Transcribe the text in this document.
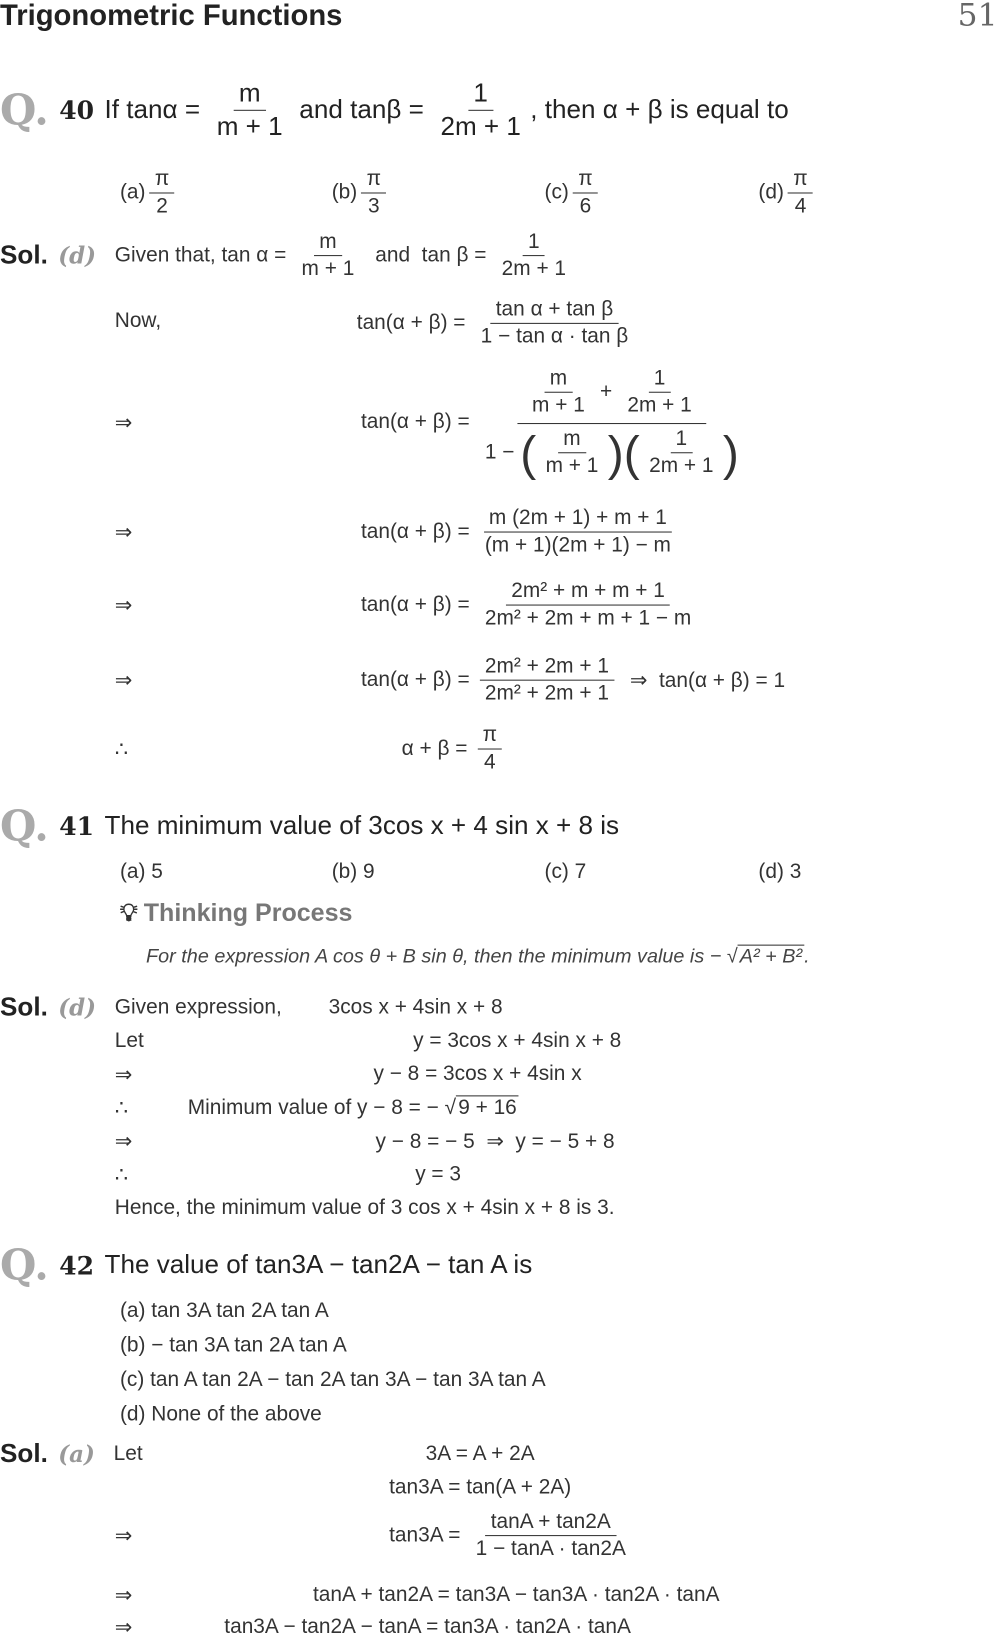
Trigonometric Functions	51
Q. 40 If $\tan\alpha = \frac{m}{m + 1}$ and $\tan\beta = \frac{1}{2m + 1}$ , then α + β is equal to
$(a) \frac{\pi}{2}$	$(b) \frac{\pi}{3}$	$(c) \frac{\pi}{6}$	$(d) \frac{\pi}{4}$
Sol. (d) Given that, $\tan \alpha = \frac{m}{m + 1}$ and  $\tan \beta = \frac{1}{2m + 1}$
Now,	$\tan(\alpha + \beta) = \frac{\text{tan α + tan β}}{\text{1 − tan α · tan β}}$
⇒	$\tan(\alpha + \beta) = \frac{\frac{m}{m + 1} + \frac{1}{2m + 1}}{1 - ( \frac{m}{m + 1} ) ( \frac{1}{2m + 1} )}$
⇒	$\tan(\alpha + \beta) = \frac{m (2m + 1) + m + 1}{(m + 1)(2m + 1) - m}$
⇒	$\tan(\alpha + \beta) = \frac{\text{2m² + m + m + 1}}{\text{2m² + 2m + m + 1 − m}}$
⇒	$\tan(\alpha + \beta) = \frac{\text{2m² + 2m + 1}}{\text{2m² + 2m + 1}}$ ⇒  tan(α + β) = 1
∴	$\alpha + \beta = \frac{\pi}{4}$
Q. 41 The minimum value of 3cos x + 4 sin x + 8 is
(a) 5	(b) 9	(c) 7	(d) 3
💡︎ Thinking Process
For the expression A cos θ + B sin θ, then the minimum value is − √ A² + B² .
Sol. (d) Given expression, 3cos x + 4sin x + 8
Let	y = 3cos x + 4sin x + 8
⇒	y − 8 = 3cos x + 4sin x
∴	Minimum value of y − 8 = − √ 9 + 16
⇒	y − 8 = − 5  ⇒  y = − 5 + 8
∴	y = 3
Hence, the minimum value of 3 cos x + 4sin x + 8 is 3.
Q. 42 The value of tan3A − tan2A − tan A is
(a) tan 3A tan 2A tan A
(b) − tan 3A tan 2A tan A
(c) tan A tan 2A − tan 2A tan 3A − tan 3A tan A
(d) None of the above
Sol. (a) Let	3A = A + 2A
tan3A = tan(A + 2A)
⇒	$\tan 3A = \frac{\tan A + \tan 2A}{1 - \tan A \cdot \tan 2A}$
⇒	tanA + tan2A = tan3A − tan3A · tan2A · tanA
⇒	tan3A − tan2A − tanA = tan3A · tan2A · tanA
